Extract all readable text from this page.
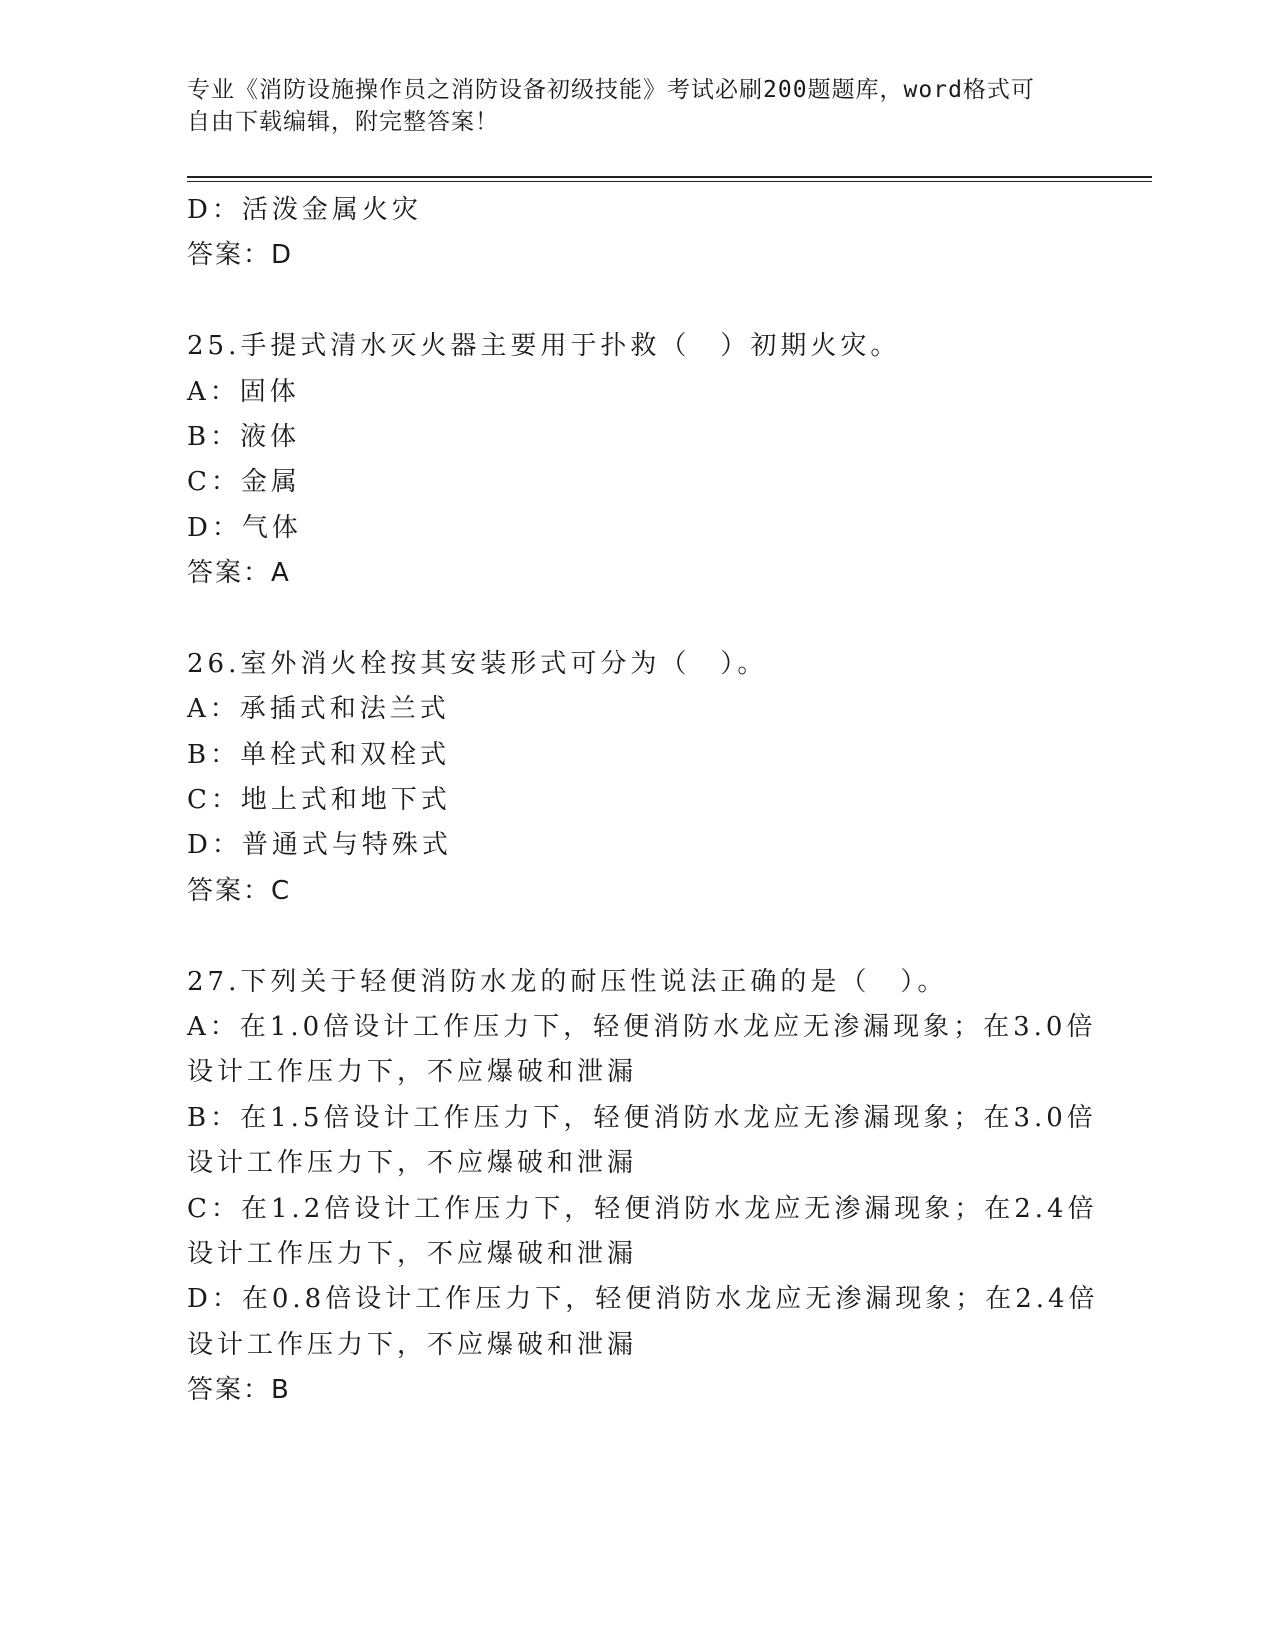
专业《消防设施操作员之消防设备初级技能》考试必刷200题题库，word格式可
自由下载编辑，附完整答案！
D：活泼金属火灾
答案：D
25.手提式清水灭火器主要用于扑救（　）初期火灾。
A：固体
B：液体
C：金属
D：气体
答案：A
26.室外消火栓按其安装形式可分为（　）。
A：承插式和法兰式
B：单栓式和双栓式
C：地上式和地下式
D：普通式与特殊式
答案：C
27.下列关于轻便消防水龙的耐压性说法正确的是（　）。
A：在1.0倍设计工作压力下，轻便消防水龙应无渗漏现象；在3.0倍
设计工作压力下，不应爆破和泄漏
B：在1.5倍设计工作压力下，轻便消防水龙应无渗漏现象；在3.0倍
设计工作压力下，不应爆破和泄漏
C：在1.2倍设计工作压力下，轻便消防水龙应无渗漏现象；在2.4倍
设计工作压力下，不应爆破和泄漏
D：在0.8倍设计工作压力下，轻便消防水龙应无渗漏现象；在2.4倍
设计工作压力下，不应爆破和泄漏
答案：B
